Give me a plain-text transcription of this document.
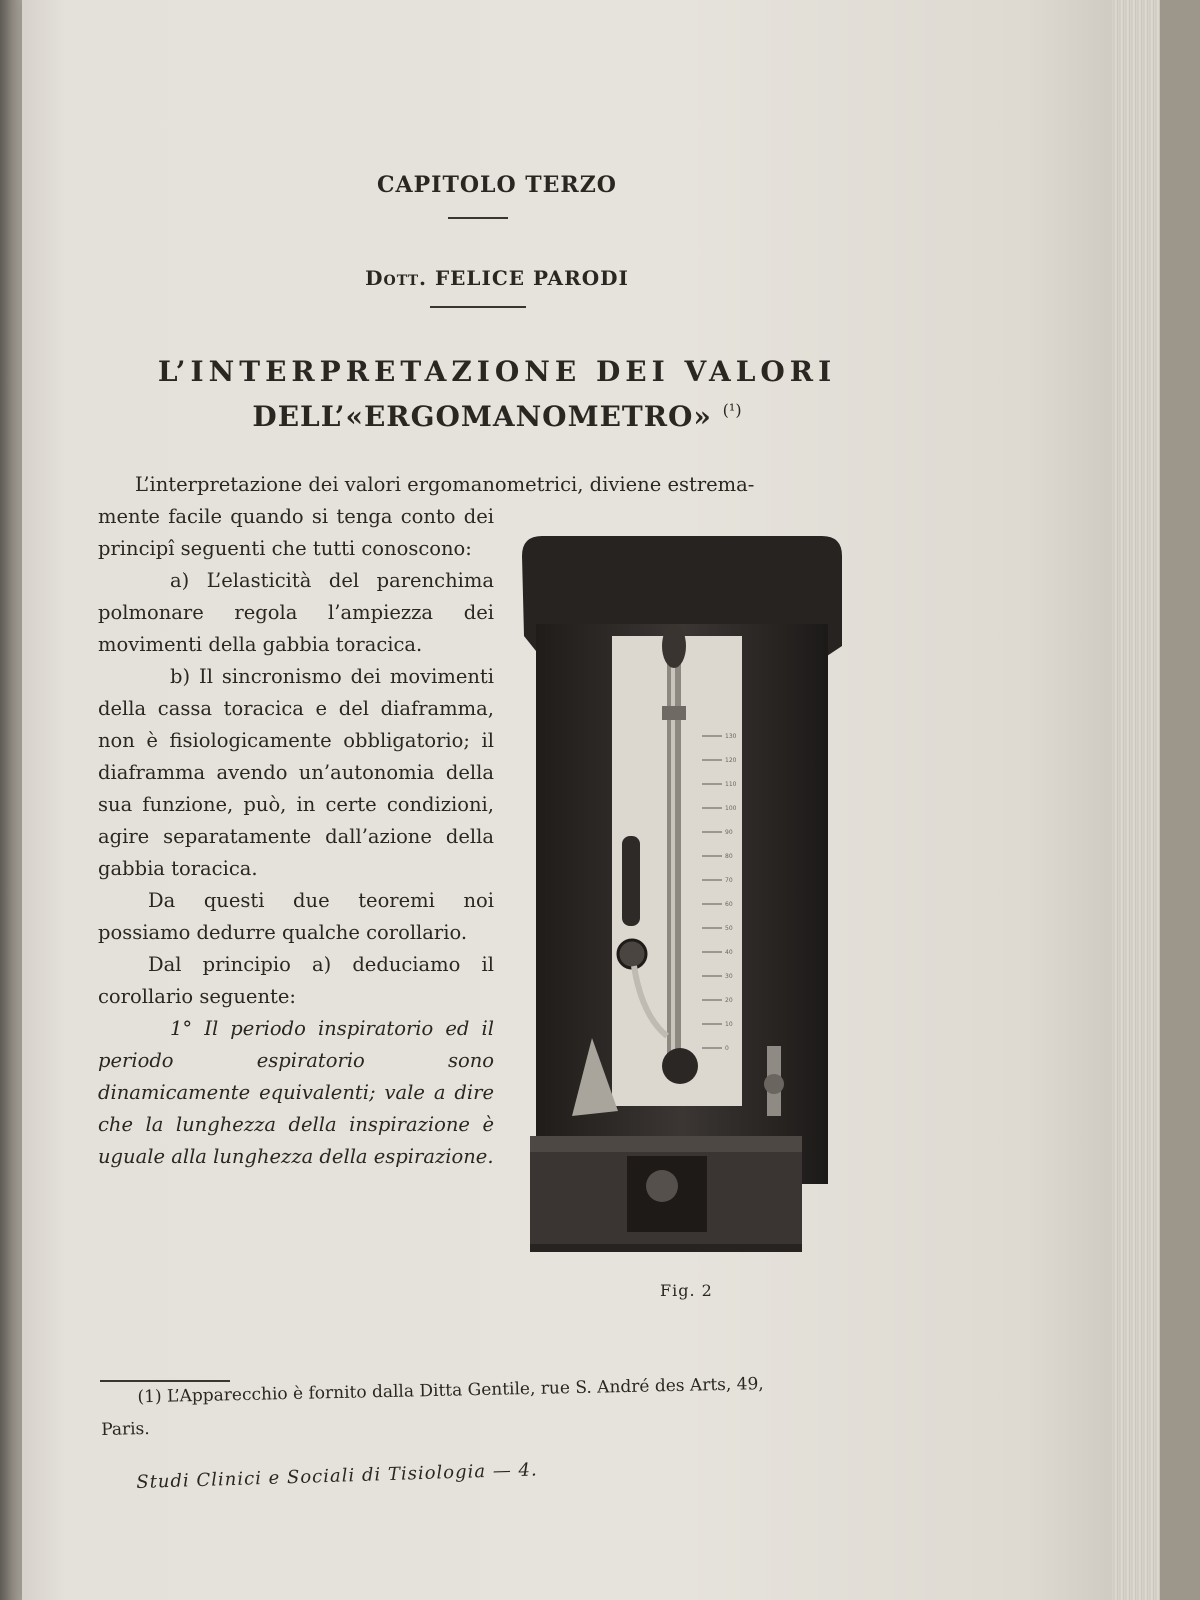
CAPITOLO TERZO
Dott. FELICE PARODI
L’INTERPRETAZIONE DEI VALORI
DELL’«ERGOMANOMETRO» $^{(^1)}$
L’interpretazione dei valori ergomanometrici, diviene estrema-

mente facile quando si tenga conto dei principî seguenti che tutti conoscono:

a) L’elasticità del parenchima polmonare regola l’ampiezza dei movimenti della gabbia toracica.

b) Il sincronismo dei movimenti della cassa toracica e del diaframma, non è fisiologicamente obbligatorio; il diaframma avendo un’autonomia della sua funzione, può, in certe condizioni, agire separatamente dall’azione della gabbia toracica.

Da questi due teoremi noi possiamo dedurre qualche corollario.

Dal principio a) deduciamo il corollario seguente:

1° Il periodo inspiratorio ed il periodo espiratorio sono dinamicamente equivalenti; vale a dire che la lunghezza della inspirazione è uguale alla lunghezza della espirazione.

130
120
110
100
90
80
70
60
50
40
30
20
10
0
Fig. 2

(1) L’Apparecchio è fornito dalla Ditta Gentile, rue S. André des Arts, 49,

Paris.

Studi Clinici e Sociali di Tisiologia — 4.
